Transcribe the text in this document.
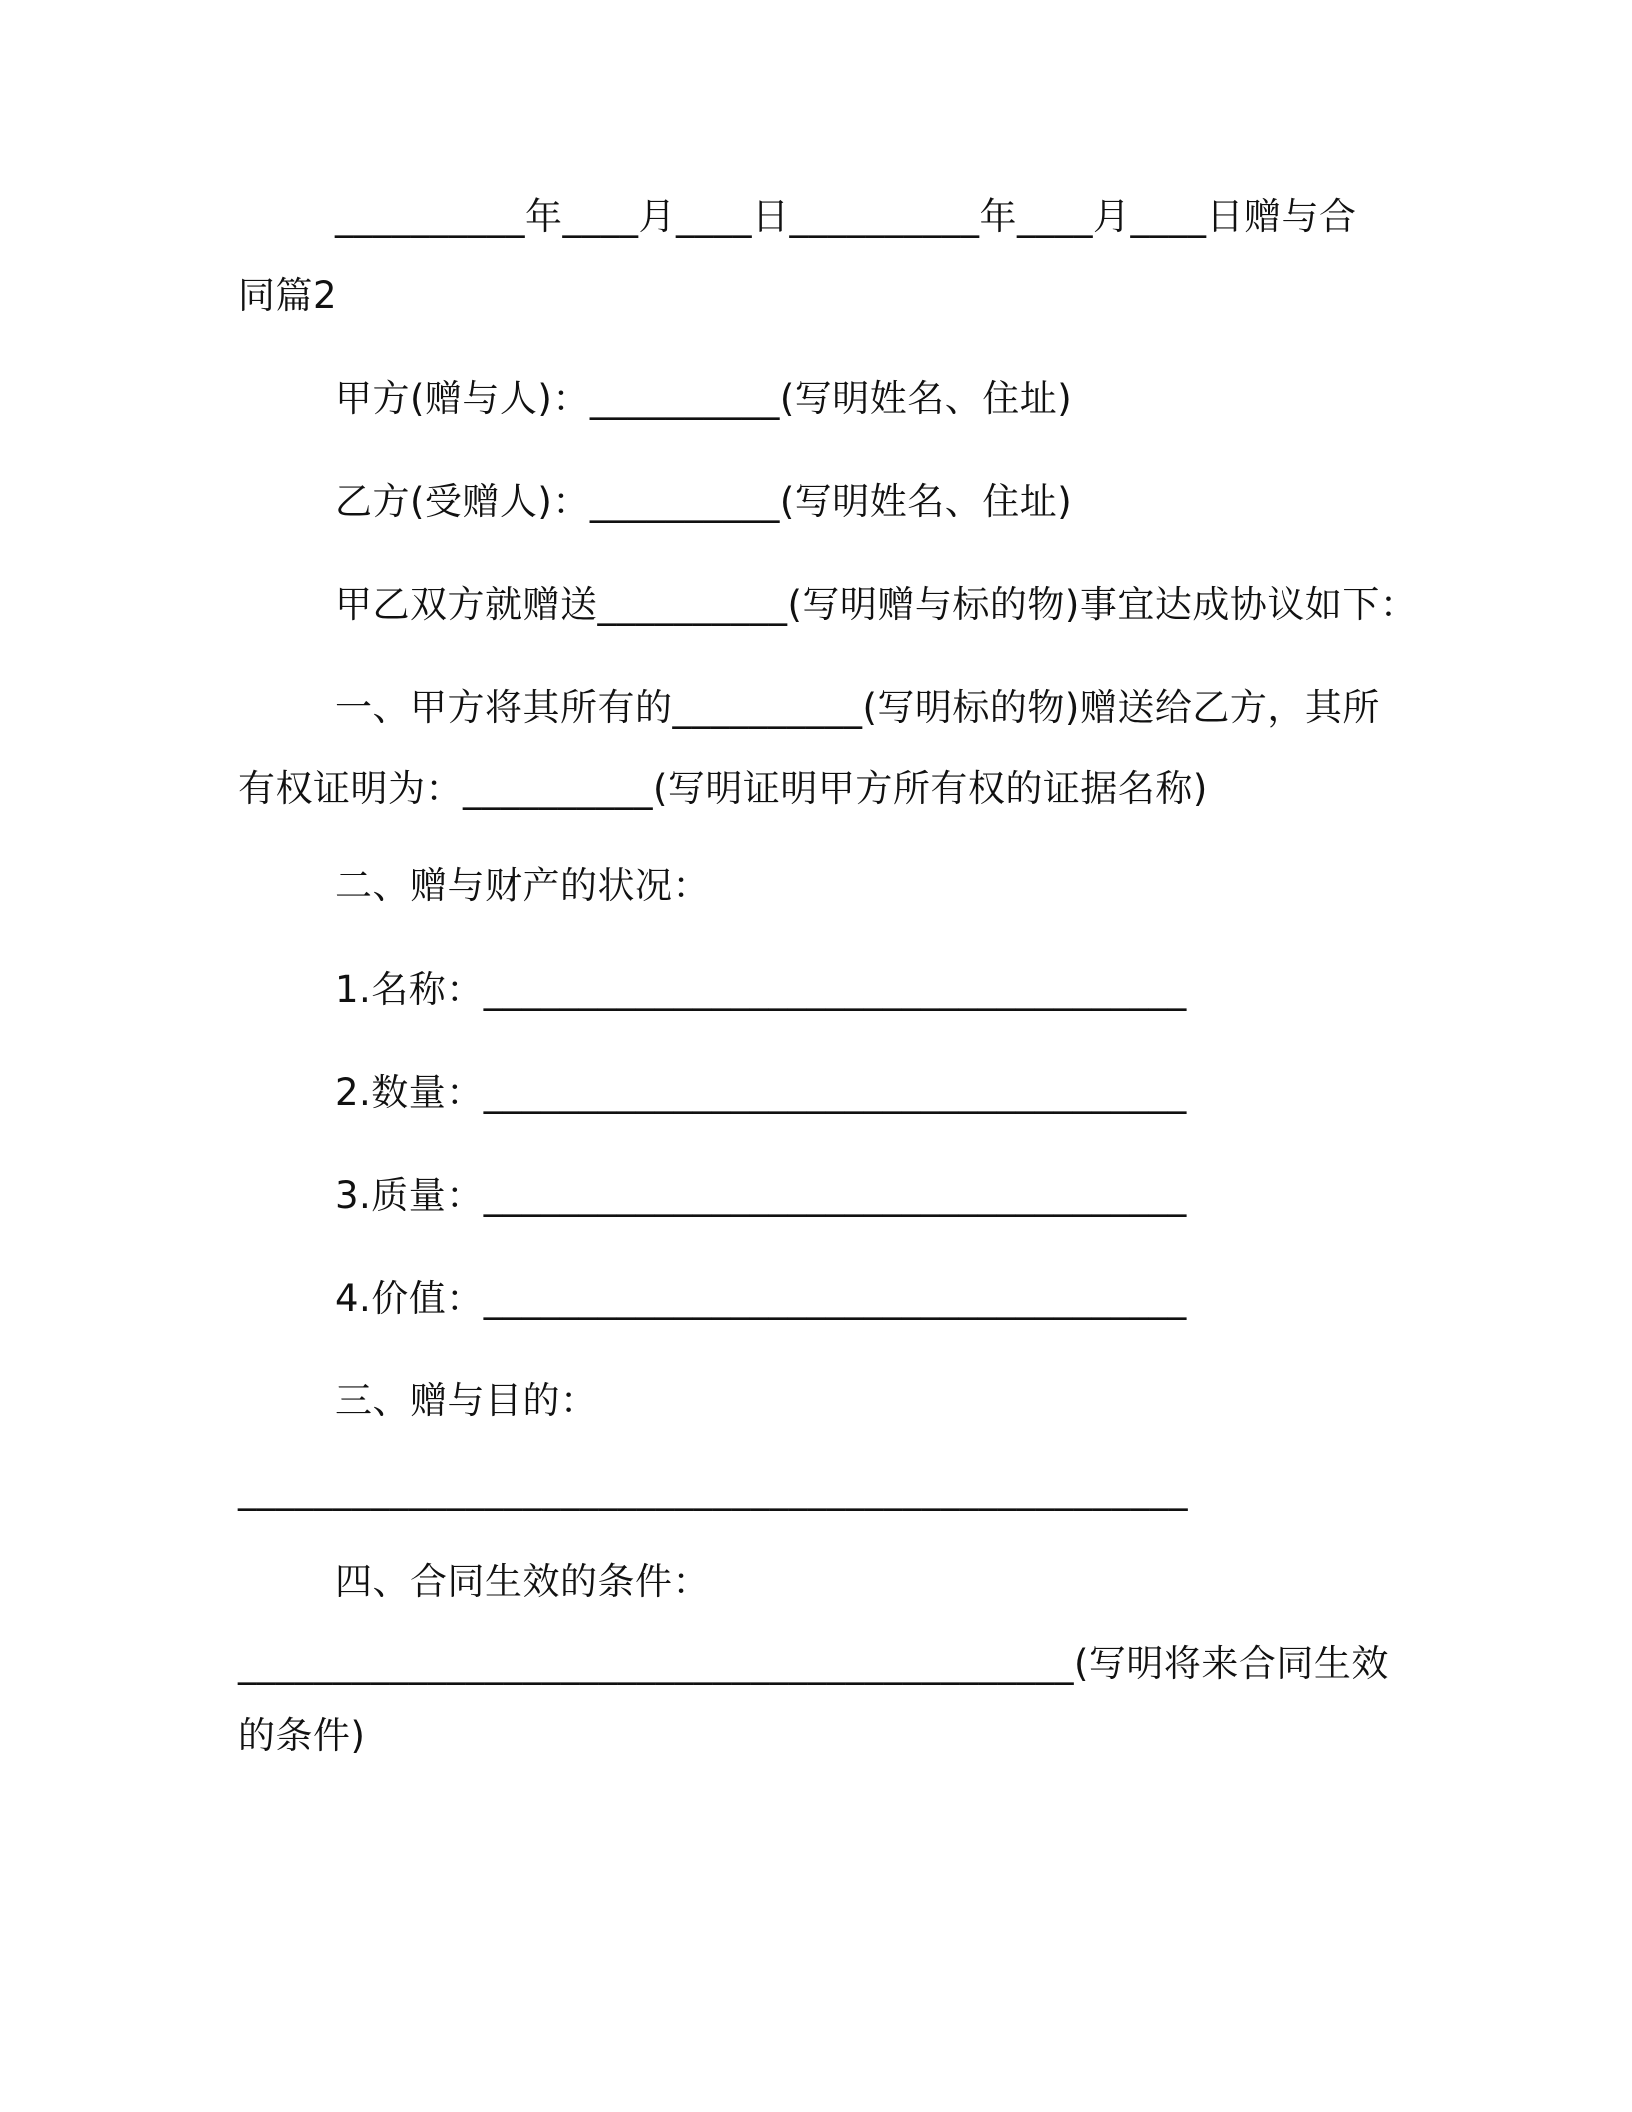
__________年____月____日__________年____月____日赠与合
同篇2
甲方(赠与人)：__________(写明姓名、住址)
乙方(受赠人)：__________(写明姓名、住址)
甲乙双方就赠送__________(写明赠与标的物)事宜达成协议如下：
一、甲方将其所有的__________(写明标的物)赠送给乙方，其所
有权证明为：__________(写明证明甲方所有权的证据名称)
二、赠与财产的状况：
1.名称：_____________________________________
2.数量：_____________________________________
3.质量：_____________________________________
4.价值：_____________________________________
三、赠与目的：
__________________________________________________
四、合同生效的条件：
____________________________________________(写明将来合同生效
的条件)
